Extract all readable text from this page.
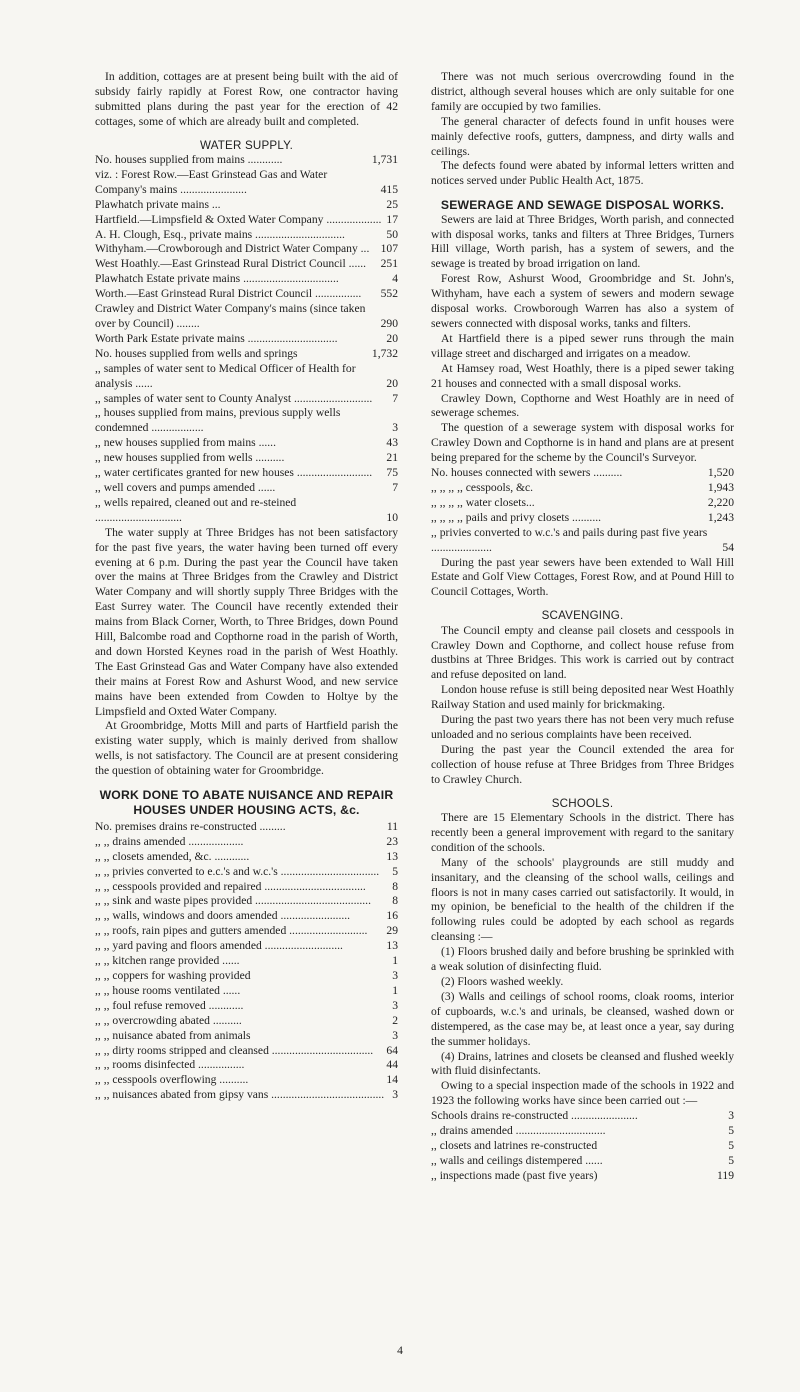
In addition, cottages are at present being built with the aid of subsidy fairly rapidly at Forest Row, one contractor having submitted plans during the past year for the erection of 42 cottages, some of which are already built and completed.

WATER SUPPLY.

No. houses supplied from mains ............	1,731
viz. : Forest Row.—East Grinstead Gas and Water Company's mains .......................	415
Plawhatch private mains ...	25
Hartfield.—Limpsfield & Oxted Water Company ................... 17
A. H. Clough, Esq., private mains ...............................	50
Withyham.—Crowborough and District Water Company ... 107
West Hoathly.—East Grinstead Rural District Council ......	251
Plawhatch Estate private mains .................................	4
Worth.—East Grinstead Rural District Council ................	552
Crawley and District Water Company's mains (since taken over by Council) ........	290
Worth Park Estate private mains ...............................	20
No. houses supplied from wells and springs	1,732
,, samples of water sent to Medical Officer of Health for analysis ......	20
,, samples of water sent to County Analyst ...........................	7
,, houses supplied from mains, previous supply wells condemned ..................	3
,, new houses supplied from mains ......	43
,, new houses supplied from wells ..........	21
,, water certificates granted for new houses ..........................	75
,, well covers and pumps amended ......	7
,, wells repaired, cleaned out and re-steined ..............................	10

The water supply at Three Bridges has not been satisfactory for the past five years, the water having been turned off every evening at 6 p.m. During the past year the Council have taken over the mains at Three Bridges from the Crawley and District Water Company and will shortly supply Three Bridges with the East Surrey water. The Council have recently extended their mains from Black Corner, Worth, to Three Bridges, down Pound Hill, Balcombe road and Copthorne road in the parish of Worth, and down Horsted Keynes road in the parish of West Hoathly. The East Grinstead Gas and Water Company have also extended their mains at Forest Row and Ashurst Wood, and new service mains have been extended from Cowden to Holtye by the Limpsfield and Oxted Water Company.

At Groombridge, Motts Mill and parts of Hartfield parish the existing water supply, which is mainly derived from shallow wells, is not satisfactory. The Council are at present considering the question of obtaining water for Groombridge.

WORK DONE TO ABATE NUISANCE AND REPAIR HOUSES UNDER HOUSING ACTS, &c.

No. premises drains re-constructed .........	11
,, ,, drains amended ...................	23
,, ,, closets amended, &c. ............	13
,, ,, privies converted to e.c.'s and w.c.'s ..................................	5
,, ,, cesspools provided and repaired ...................................	8
,, ,, sink and waste pipes provided ........................................	8
,, ,, walls, windows and doors amended ........................	16
,, ,, roofs, rain pipes and gutters amended ...........................	29
,, ,, yard paving and floors amended ...........................	13
,, ,, kitchen range provided ......	1
,, ,, coppers for washing provided	3
,, ,, house rooms ventilated ......	1
,, ,, foul refuse removed ............	3
,, ,, overcrowding abated ..........	2
,, ,, nuisance abated from animals	3
,, ,, dirty rooms stripped and cleansed ...................................	64
,, ,, rooms disinfected ................	44
,, ,, cesspools overflowing ..........	14
,, ,, nuisances abated from gipsy vans ....................................... 3

There was not much serious overcrowding found in the district, although several houses which are only suitable for one family are occupied by two families.

The general character of defects found in unfit houses were mainly defective roofs, gutters, dampness, and dirty walls and ceilings.

The defects found were abated by informal letters written and notices served under Public Health Act, 1875.

SEWERAGE AND SEWAGE DISPOSAL WORKS.

Sewers are laid at Three Bridges, Worth parish, and connected with disposal works, tanks and filters at Three Bridges, Turners Hill village, Worth parish, has a system of sewers, and the sewage is treated by broad irrigation on land.

Forest Row, Ashurst Wood, Groombridge and St. John's, Withyham, have each a system of sewers and modern sewage disposal works. Crowborough Warren has also a system of sewers connected with disposal works, tanks and filters.

At Hartfield there is a piped sewer runs through the main village street and discharged and irrigates on a meadow.

At Hamsey road, West Hoathly, there is a piped sewer taking 21 houses and connected with a small disposal works.

Crawley Down, Copthorne and West Hoathly are in need of sewerage schemes.

The question of a sewerage system with disposal works for Crawley Down and Copthorne is in hand and plans are at present being prepared for the scheme by the Council's Surveyor.

No. houses connected with sewers ..........	1,520
,, ,, ,, ,, cesspools, &c.	1,943
,, ,, ,, ,, water closets...	2,220
,, ,, ,, ,, pails and privy closets ..........	1,243
,, privies converted to w.c.'s and pails during past five years .....................	54

During the past year sewers have been extended to Wall Hill Estate and Golf View Cottages, Forest Row, and at Pound Hill to Council Cottages, Worth.

SCAVENGING.

The Council empty and cleanse pail closets and cesspools in Crawley Down and Copthorne, and collect house refuse from dustbins at Three Bridges. This work is carried out by contract and refuse deposited on land.

London house refuse is still being deposited near West Hoathly Railway Station and used mainly for brickmaking.

During the past two years there has not been very much refuse unloaded and no serious complaints have been received.

During the past year the Council extended the area for collection of house refuse at Three Bridges from Three Bridges to Crawley Church.

SCHOOLS.

There are 15 Elementary Schools in the district. There has recently been a general improvement with regard to the sanitary condition of the schools.

Many of the schools' playgrounds are still muddy and insanitary, and the cleansing of the school walls, ceilings and floors is not in many cases carried out satisfactorily. It would, in my opinion, be beneficial to the health of the children if the following rules could be adopted by each school as regards cleansing :—

(1) Floors brushed daily and before brushing be sprinkled with a weak solution of disinfecting fluid.

(2) Floors washed weekly.

(3) Walls and ceilings of school rooms, cloak rooms, interior of cupboards, w.c.'s and urinals, be cleansed, washed down or distempered, as the case may be, at least once a year, say during the summer holidays.

(4) Drains, latrines and closets be cleansed and flushed weekly with fluid disinfectants.

Owing to a special inspection made of the schools in 1922 and 1923 the following works have since been carried out :—

Schools drains re-constructed .......................	3
,, drains amended ...............................	5
,, closets and latrines re-constructed	5
,, walls and ceilings distempered ......	5
,, inspections made (past five years)	119
4
